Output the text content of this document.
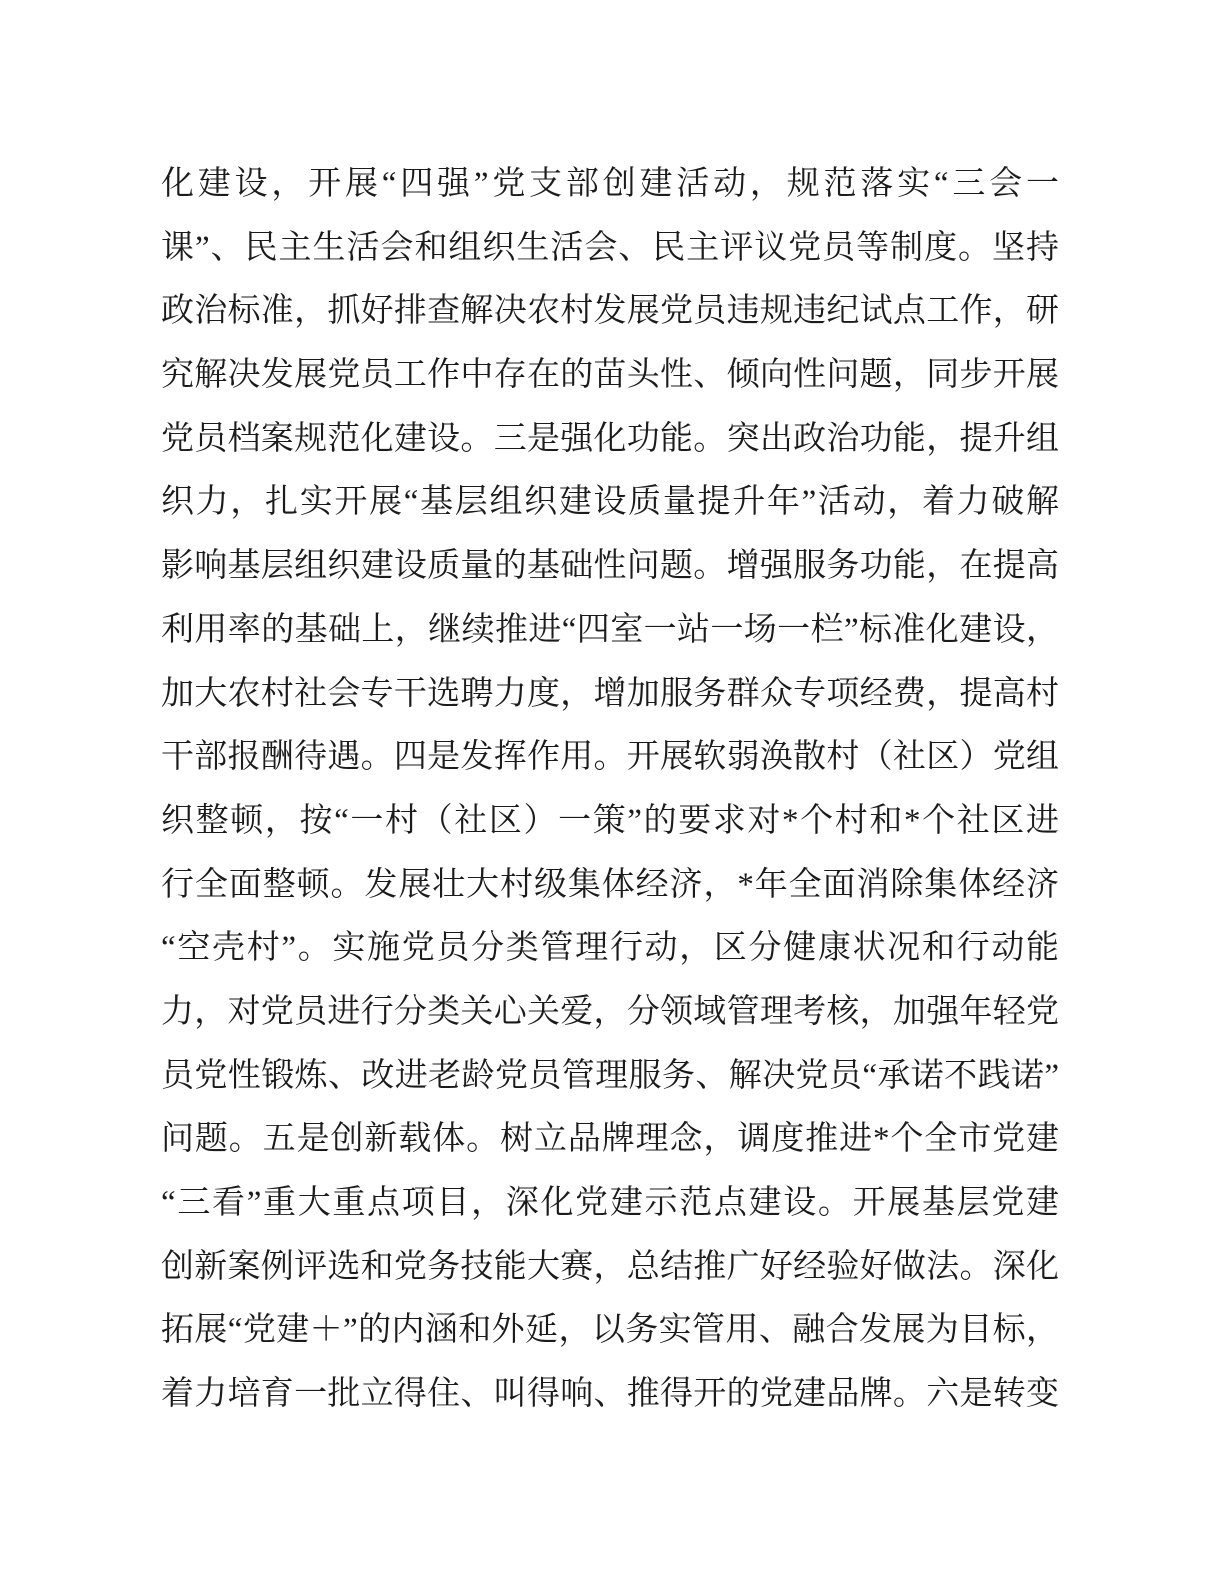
化建设，开展“四强”党支部创建活动，规范落实“三会一
课”、民主生活会和组织生活会、民主评议党员等制度。坚持
政治标准，抓好排查解决农村发展党员违规违纪试点工作，研
究解决发展党员工作中存在的苗头性、倾向性问题，同步开展
党员档案规范化建设。三是强化功能。突出政治功能，提升组
织力，扎实开展“基层组织建设质量提升年”活动，着力破解
影响基层组织建设质量的基础性问题。增强服务功能，在提高
利用率的基础上，继续推进“四室一站一场一栏”标准化建设，
加大农村社会专干选聘力度，增加服务群众专项经费，提高村
干部报酬待遇。四是发挥作用。开展软弱涣散村（社区）党组
织整顿，按“一村（社区）一策”的要求对*个村和*个社区进
行全面整顿。发展壮大村级集体经济，*年全面消除集体经济
“空壳村”。实施党员分类管理行动，区分健康状况和行动能
力，对党员进行分类关心关爱，分领域管理考核，加强年轻党
员党性锻炼、改进老龄党员管理服务、解决党员“承诺不践诺”
问题。五是创新载体。树立品牌理念，调度推进*个全市党建
“三看”重大重点项目，深化党建示范点建设。开展基层党建
创新案例评选和党务技能大赛，总结推广好经验好做法。深化
拓展“党建＋”的内涵和外延，以务实管用、融合发展为目标，
着力培育一批立得住、叫得响、推得开的党建品牌。六是转变
